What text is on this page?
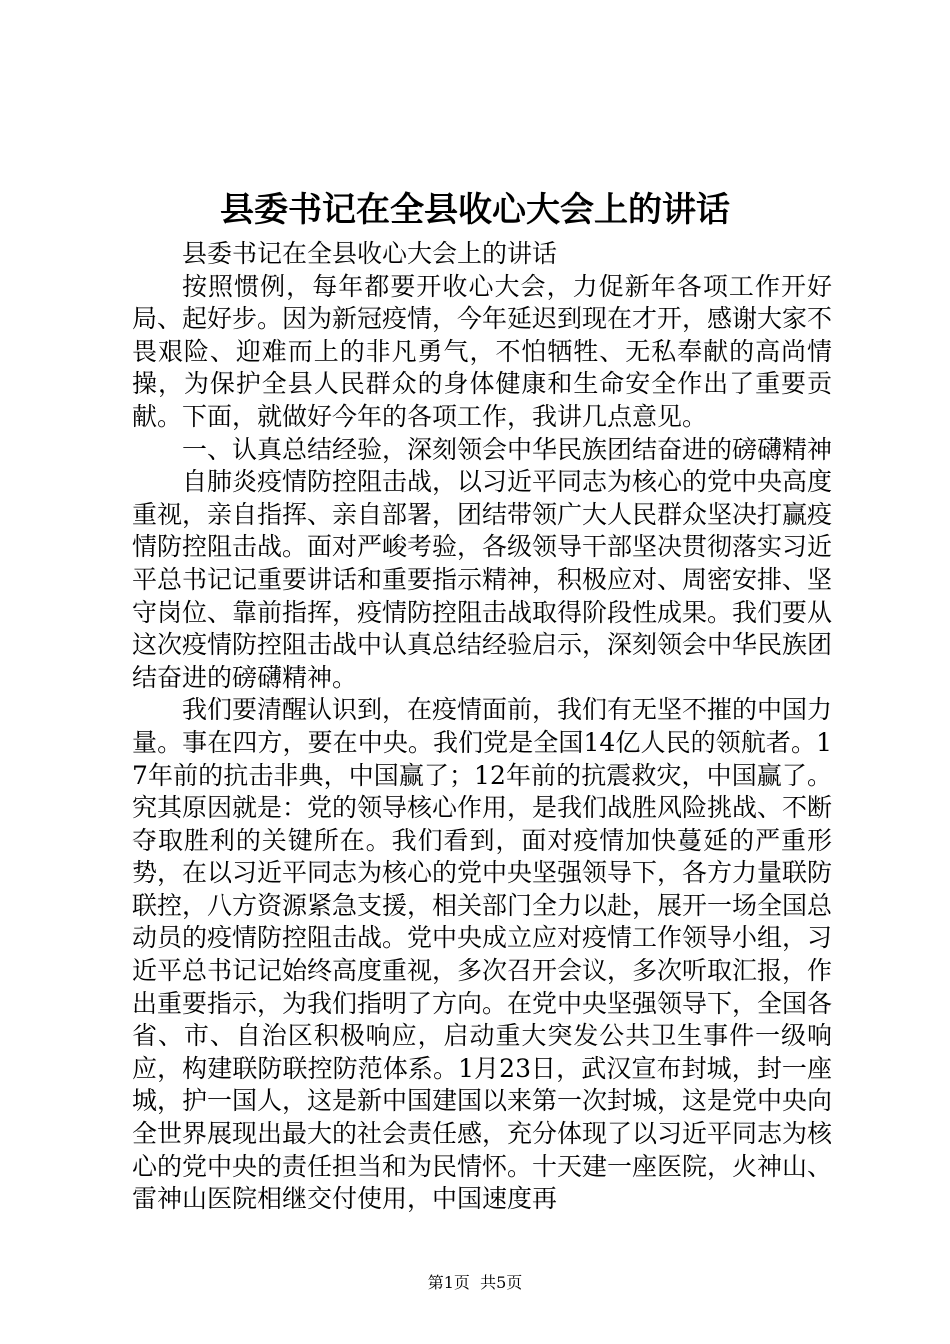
县委书记在全县收心大会上的讲话

县委书记在全县收心大会上的讲话

按照惯例，每年都要开收心大会，力促新年各项工作开好局、起好步。因为新冠疫情，今年延迟到现在才开，感谢大家不畏艰险、迎难而上的非凡勇气，不怕牺牲、无私奉献的高尚情操，为保护全县人民群众的身体健康和生命安全作出了重要贡献。下面，就做好今年的各项工作，我讲几点意见。

一、认真总结经验，深刻领会中华民族团结奋进的磅礴精神

自肺炎疫情防控阻击战，以习近平同志为核心的党中央高度重视，亲自指挥、亲自部署，团结带领广大人民群众坚决打赢疫情防控阻击战。面对严峻考验，各级领导干部坚决贯彻落实习近平总书记记重要讲话和重要指示精神，积极应对、周密安排、坚守岗位、靠前指挥，疫情防控阻击战取得阶段性成果。我们要从这次疫情防控阻击战中认真总结经验启示，深刻领会中华民族团结奋进的磅礴精神。

我们要清醒认识到，在疫情面前，我们有无坚不摧的中国力量。事在四方，要在中央。我们党是全国14亿人民的领航者。17年前的抗击非典，中国赢了；12年前的抗震救灾，中国赢了。究其原因就是：党的领导核心作用，是我们战胜风险挑战、不断夺取胜利的关键所在。我们看到，面对疫情加快蔓延的严重形势，在以习近平同志为核心的党中央坚强领导下，各方力量联防联控，八方资源紧急支援，相关部门全力以赴，展开一场全国总动员的疫情防控阻击战。党中央成立应对疫情工作领导小组，习近平总书记记始终高度重视，多次召开会议，多次听取汇报，作出重要指示，为我们指明了方向。在党中央坚强领导下，全国各省、市、自治区积极响应，启动重大突发公共卫生事件一级响应，构建联防联控防范体系。1月23日，武汉宣布封城，封一座城，护一国人，这是新中国建国以来第一次封城，这是党中央向全世界展现出最大的社会责任感，充分体现了以习近平同志为核心的党中央的责任担当和为民情怀。十天建一座医院，火神山、雷神山医院相继交付使用，中国速度再

第1页 共5页
